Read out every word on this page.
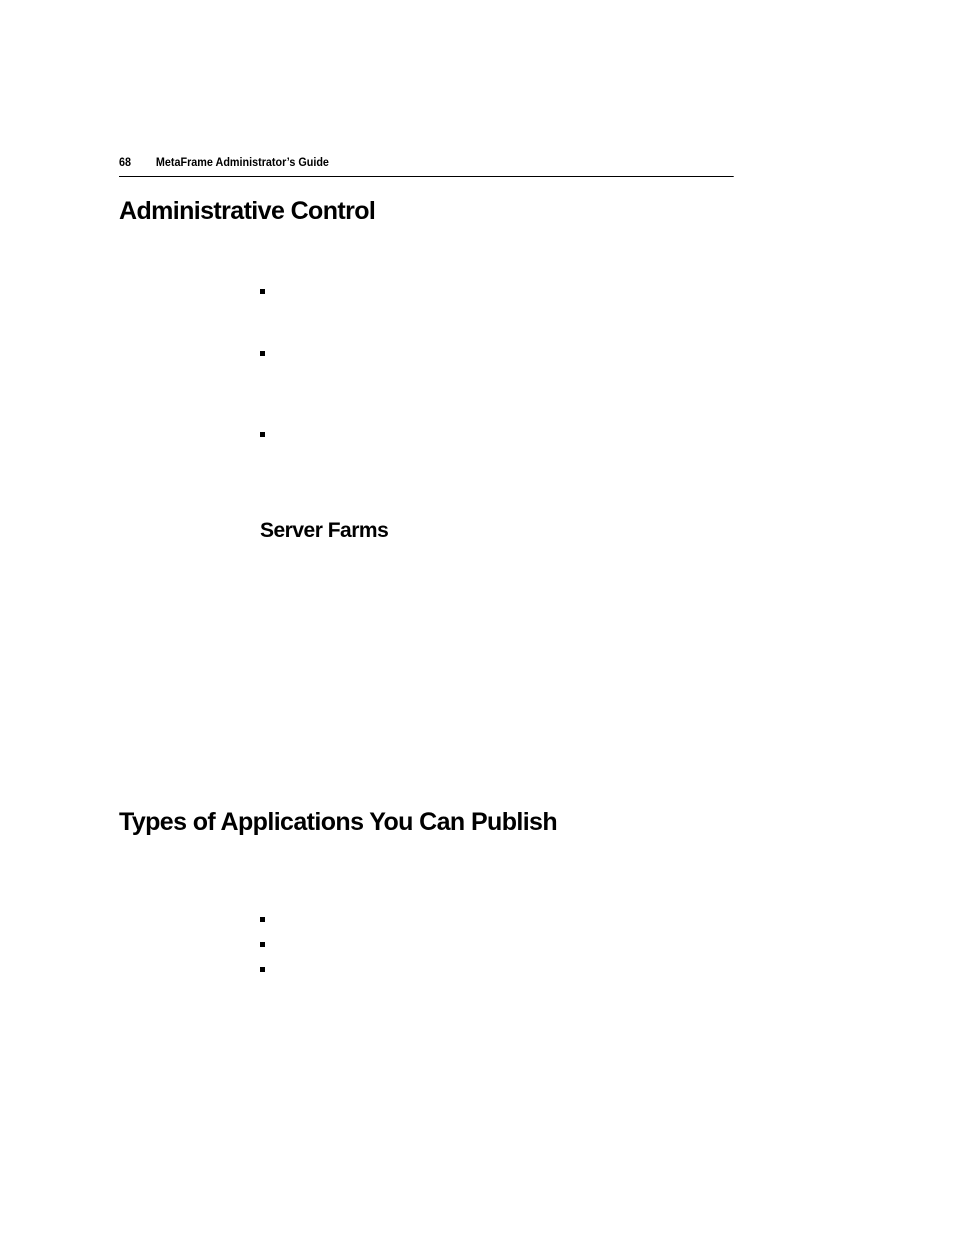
68 MetaFrame Administrator’s Guide
Administrative Control
Server Farms
Types of Applications You Can Publish
